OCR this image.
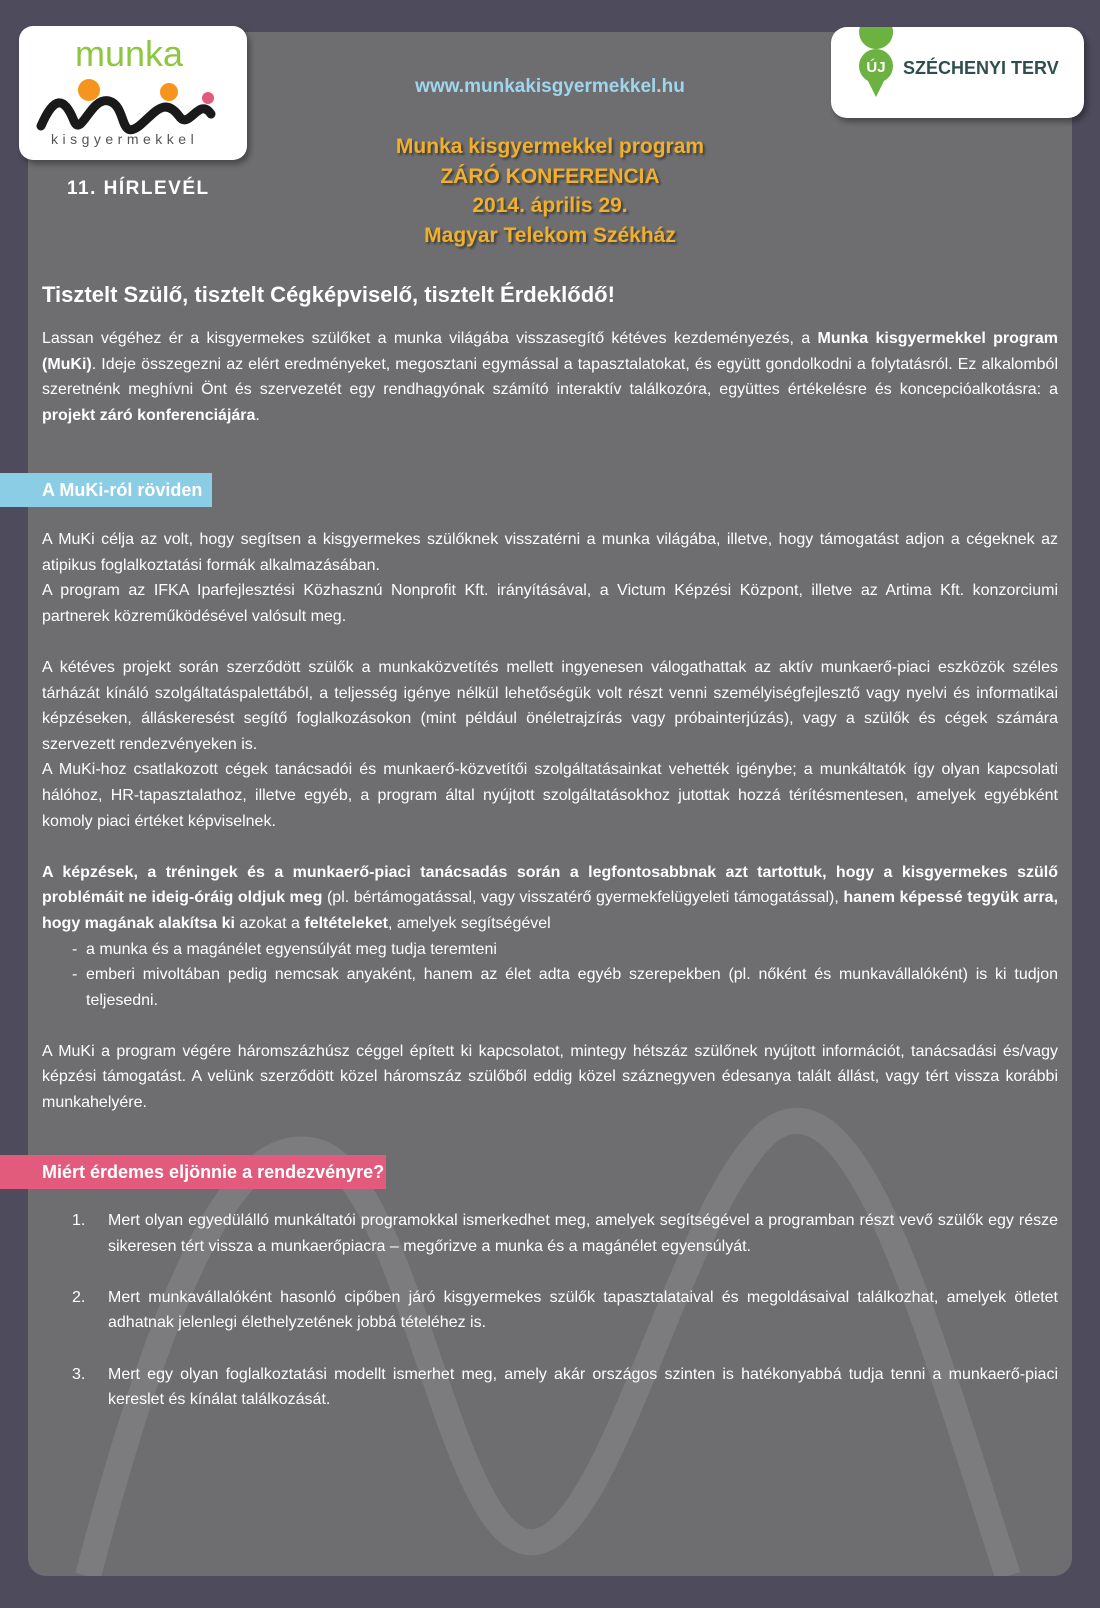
munka
kisgyermekkel
ÚJ SZÉCHENYI TERV
11. HÍRLEVÉL
www.munkakisgyermekkel.hu
Munka kisgyermekkel program
ZÁRÓ KONFERENCIA
2014. április 29.
Magyar Telekom Székház
Tisztelt Szülő, tisztelt Cégképviselő, tisztelt Érdeklődő!

Lassan végéhez ér a kisgyermekes szülőket a munka világába visszasegítő kétéves kezdeményezés, a Munka kisgyermekkel program (MuKi). Ideje összegezni az elért eredményeket, megosztani egymással a tapasztalatokat, és együtt gondolkodni a folytatásról. Ez alkalomból szeretnénk meghívni Önt és szervezetét egy rendhagyónak számító interaktív találkozóra, együttes értékelésre és koncepcióalkotásra: a projekt záró konferenciájára.

A MuKi-ról röviden

A MuKi célja az volt, hogy segítsen a kisgyermekes szülőknek visszatérni a munka világába, illetve, hogy támogatást adjon a cégeknek az atipikus foglalkoztatási formák alkalmazásában.

A program az IFKA Iparfejlesztési Közhasznú Nonprofit Kft. irányításával, a Victum Képzési Központ, illetve az Artima Kft. konzorciumi partnerek közreműködésével valósult meg.

A kétéves projekt során szerződött szülők a munkaközvetítés mellett ingyenesen válogathattak az aktív munkaerő-piaci eszközök széles tárházát kínáló szolgáltatáspalettából, a teljesség igénye nélkül lehetőségük volt részt venni személyiségfejlesztő vagy nyelvi és informatikai képzéseken, álláskeresést segítő foglalkozásokon (mint például önéletrajzírás vagy próbainterjúzás), vagy a szülők és cégek számára szervezett rendezvényeken is.

A MuKi-hoz csatlakozott cégek tanácsadói és munkaerő-közvetítői szolgáltatásainkat vehették igénybe; a munkáltatók így olyan kapcsolati hálóhoz, HR-tapasztalathoz, illetve egyéb, a program által nyújtott szolgáltatásokhoz jutottak hozzá térítésmentesen, amelyek egyébként komoly piaci értéket képviselnek.

A képzések, a tréningek és a munkaerő-piaci tanácsadás során a legfontosabbnak azt tartottuk, hogy a kisgyermekes szülő problémáit ne ideig-óráig oldjuk meg (pl. bértámogatással, vagy visszatérő gyermekfelügyeleti támogatással), hanem képessé tegyük arra, hogy magának alakítsa ki azokat a feltételeket, amelyek segítségével

- a munka és a magánélet egyensúlyát meg tudja teremteni
- emberi mivoltában pedig nemcsak anyaként, hanem az élet adta egyéb szerepekben (pl. nőként és munkavállalóként) is ki tudjon teljesedni.

A MuKi a program végére háromszázhúsz céggel épített ki kapcsolatot, mintegy hétszáz szülőnek nyújtott információt, tanácsadási és/vagy képzési támogatást. A velünk szerződött közel háromszáz szülőből eddig közel száznegyven édesanya talált állást, vagy tért vissza korábbi munkahelyére.

Miért érdemes eljönnie a rendezvényre?
1. Mert olyan egyedülálló munkáltatói programokkal ismerkedhet meg, amelyek segítségével a programban részt vevő szülők egy része sikeresen tért vissza a munkaerőpiacra – megőrizve a munka és a magánélet egyensúlyát.
2. Mert munkavállalóként hasonló cipőben járó kisgyermekes szülők tapasztalataival és megoldásaival találkozhat, amelyek ötletet adhatnak jelenlegi élethelyzetének jobbá tételéhez is.
3. Mert egy olyan foglalkoztatási modellt ismerhet meg, amely akár országos szinten is hatékonyabbá tudja tenni a munkaerő-piaci kereslet és kínálat találkozását.
